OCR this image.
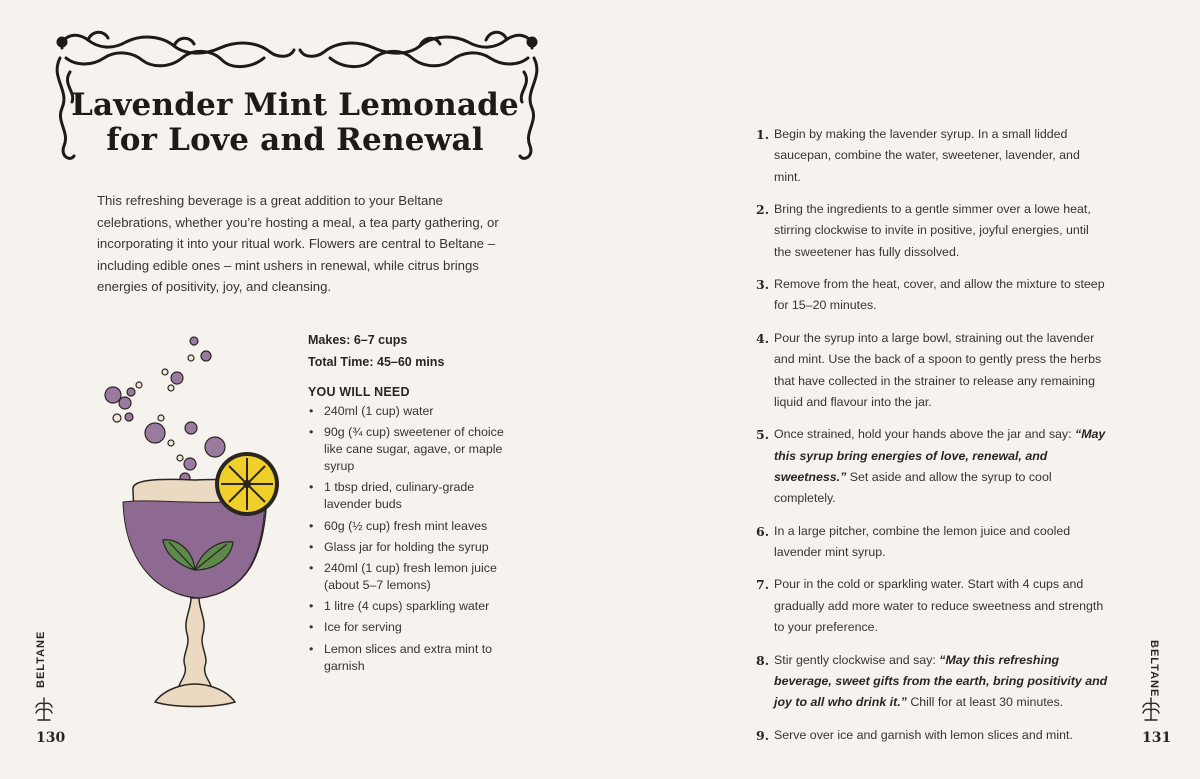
Lavender Mint Lemonade
for Love and Renewal

This refreshing beverage is a great addition to your Beltane celebrations, whether you’re hosting a meal, a tea party gathering, or incorporating it into your ritual work. Flowers are central to Beltane – including edible ones – mint ushers in renewal, while citrus brings energies of positivity, joy, and cleansing.

Makes: 6–7 cups
Total Time: 45–60 mins
YOU WILL NEED
• 240ml (1 cup) water
• 90g (¾ cup) sweetener of choice like cane sugar, agave, or maple syrup
• 1 tbsp dried, culinary-grade lavender buds
• 60g (½ cup) fresh mint leaves
• Glass jar for holding the syrup
• 240ml (1 cup) fresh lemon juice (about 5–7 lemons)
• 1 litre (4 cups) sparkling water
• Ice for serving
• Lemon slices and extra mint to garnish
BELTANE
130
1. Begin by making the lavender syrup. In a small lidded saucepan, combine the water, sweetener, lavender, and mint.
2. Bring the ingredients to a gentle simmer over a lowe heat, stirring clockwise to invite in positive, joyful energies, until the sweetener has fully dissolved.
3. Remove from the heat, cover, and allow the mixture to steep for 15–20 minutes.
4. Pour the syrup into a large bowl, straining out the lavender and mint. Use the back of a spoon to gently press the herbs that have collected in the strainer to release any remaining liquid and flavour into the jar.
5. Once strained, hold your hands above the jar and say: “May this syrup bring energies of love, renewal, and sweetness.” Set aside and allow the syrup to cool completely.
6. In a large pitcher, combine the lemon juice and cooled lavender mint syrup.
7. Pour in the cold or sparkling water. Start with 4 cups and gradually add more water to reduce sweetness and strength to your preference.
8. Stir gently clockwise and say: “May this refreshing beverage, sweet gifts from the earth, bring positivity and joy to all who drink it.” Chill for at least 30 minutes.
9. Serve over ice and garnish with lemon slices and mint.
BELTANE
131
